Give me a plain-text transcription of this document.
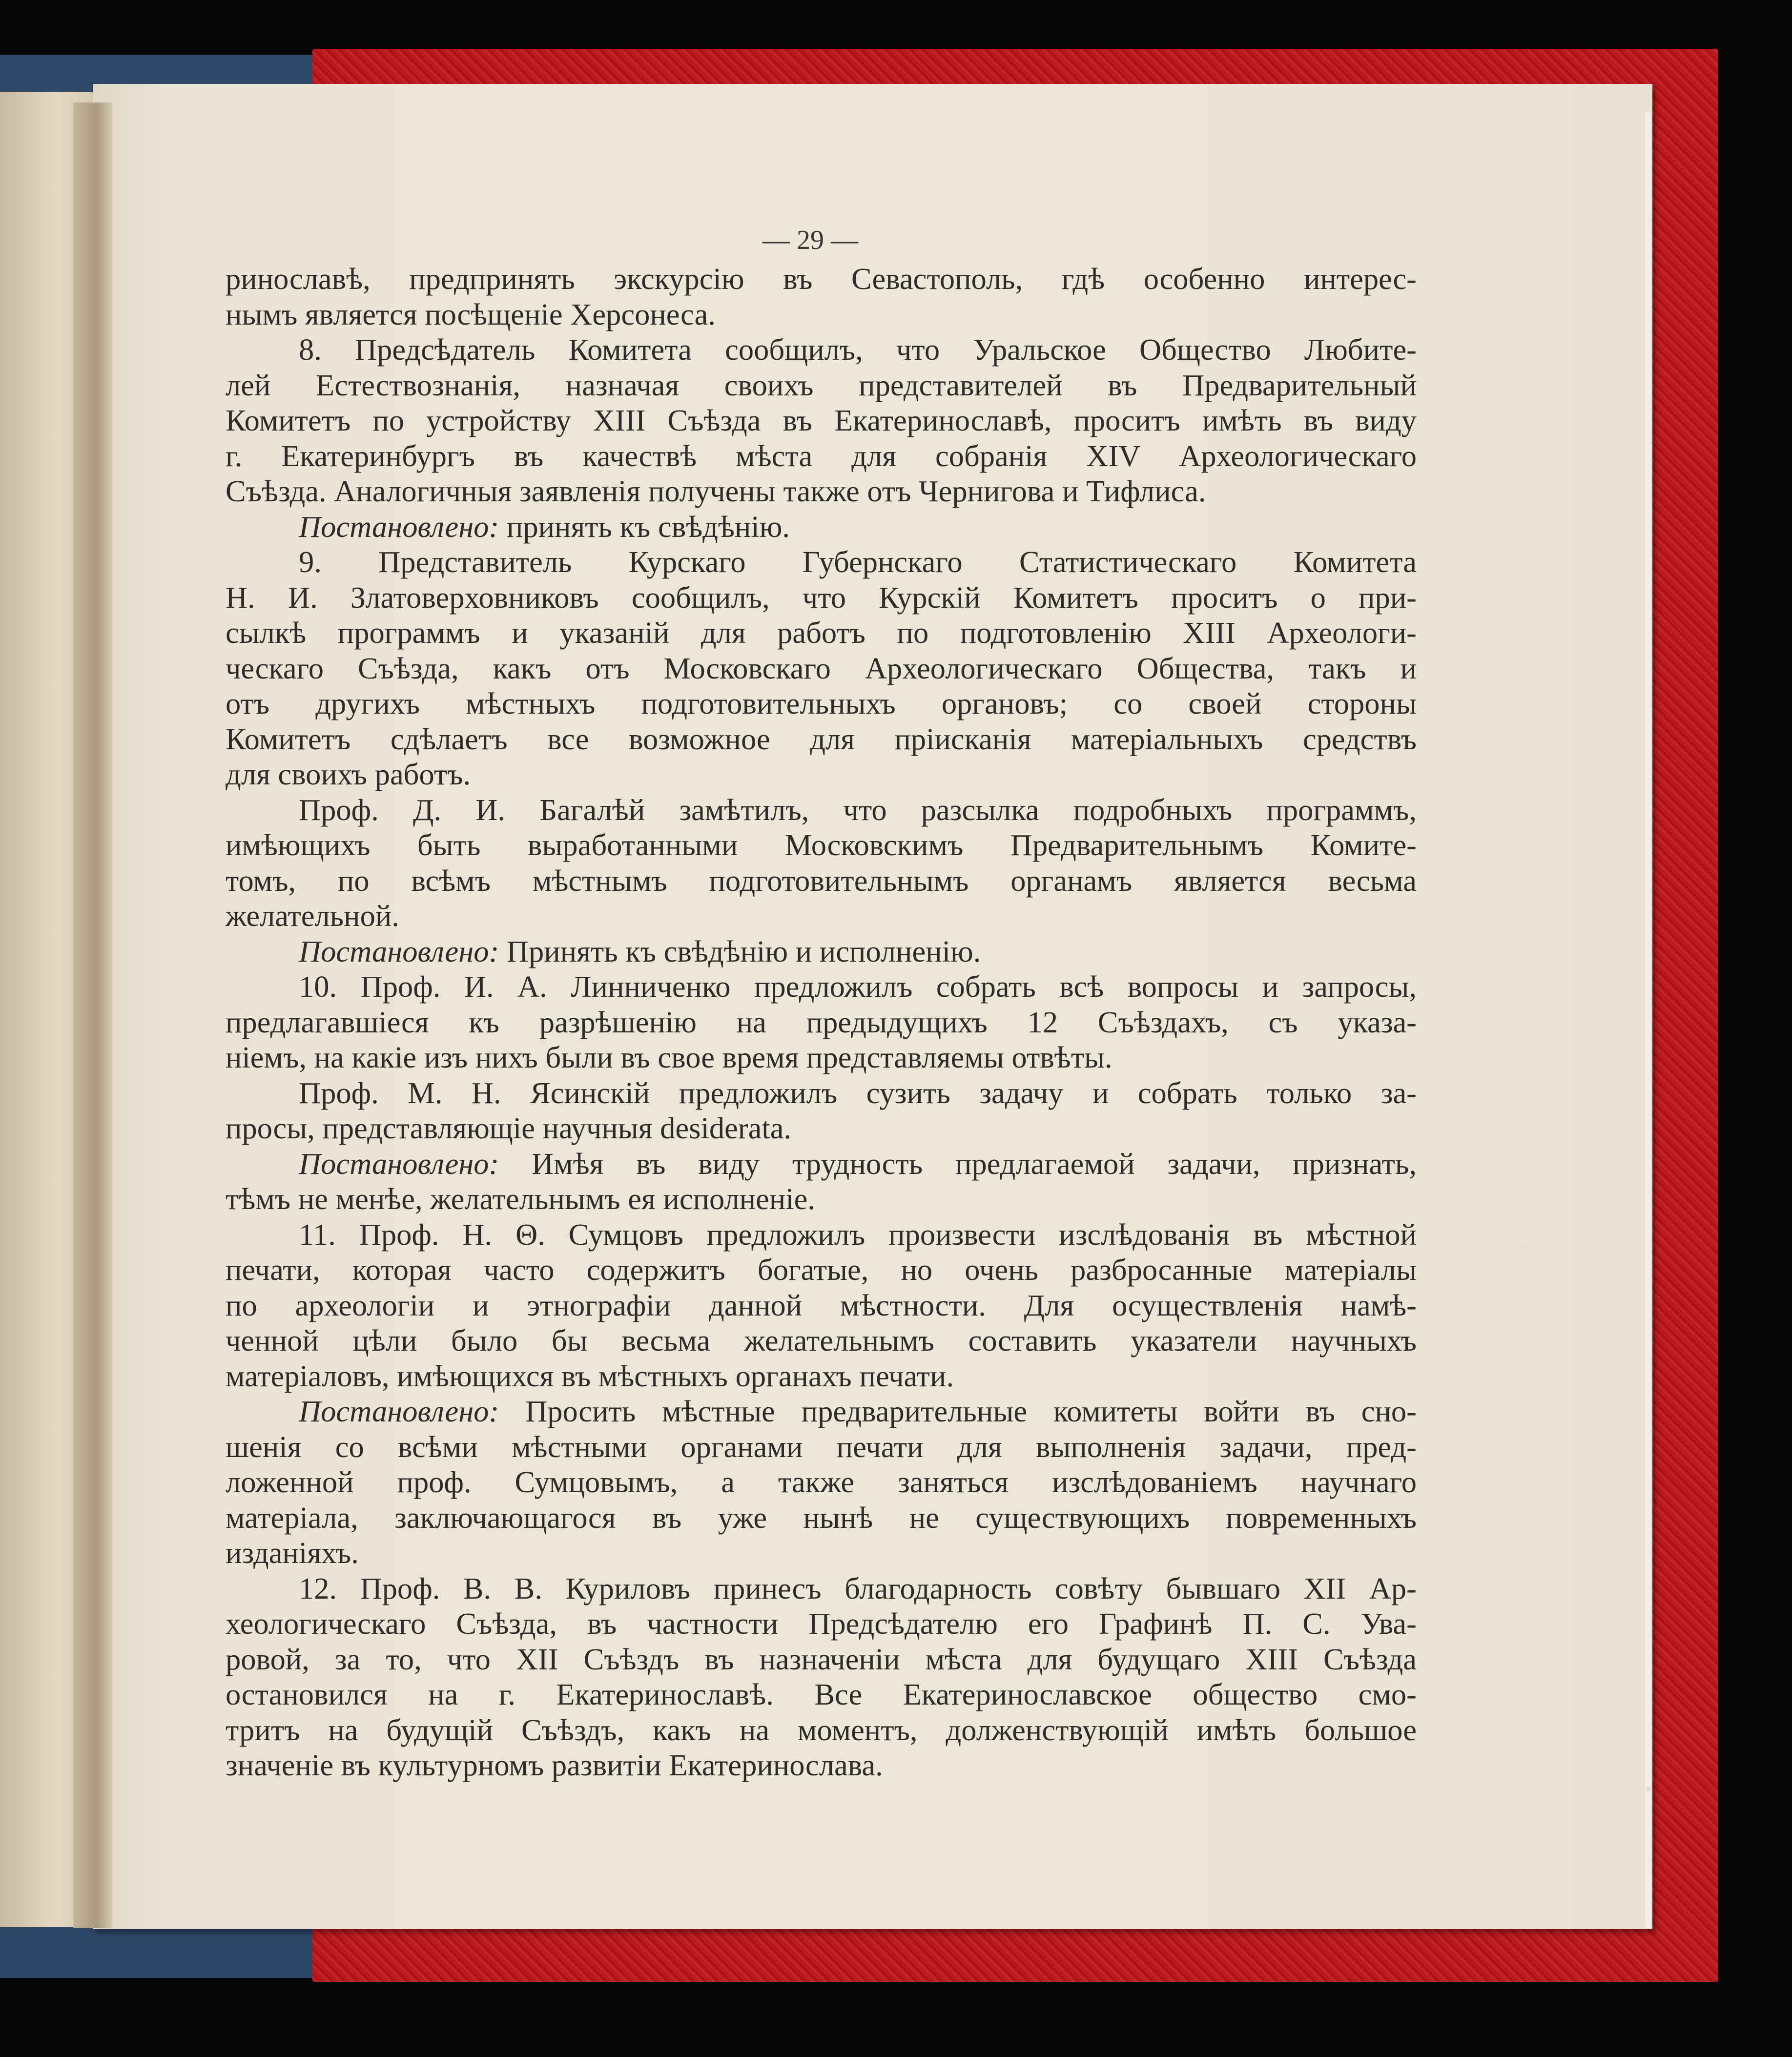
— 29 —
ринославѣ, предпринять экскурсію въ Севастополь, гдѣ особенно интерес-
нымъ является посѣщеніе Херсонеса.
8. Предсѣдатель Комитета сообщилъ, что Уральское Общество Любите-
лей Естествознанія, назначая своихъ представителей въ Предварительный
Комитетъ по устройству XIII Съѣзда въ Екатеринославѣ, проситъ имѣть въ виду
г. Екатеринбургъ въ качествѣ мѣста для собранія XIV Археологическаго
Съѣзда. Аналогичныя заявленія получены также отъ Чернигова и Тифлиса.
Постановлено: принять къ свѣдѣнію.
9. Представитель Курскаго Губернскаго Статистическаго Комитета
Н. И. Златоверховниковъ сообщилъ, что Курскій Комитетъ проситъ о при-
сылкѣ программъ и указаній для работъ по подготовленію XIII Археологи-
ческаго Съѣзда, какъ отъ Московскаго Археологическаго Общества, такъ и
отъ другихъ мѣстныхъ подготовительныхъ органовъ; со своей стороны
Комитетъ сдѣлаетъ все возможное для пріисканія матеріальныхъ средствъ
для своихъ работъ.
Проф. Д. И. Багалѣй замѣтилъ, что разсылка подробныхъ программъ,
имѣющихъ быть выработанными Московскимъ Предварительнымъ Комите-
томъ, по всѣмъ мѣстнымъ подготовительнымъ органамъ является весьма
желательной.
Постановлено: Принять къ свѣдѣнію и исполненію.
10. Проф. И. А. Линниченко предложилъ собрать всѣ вопросы и запросы,
предлагавшіеся къ разрѣшенію на предыдущихъ 12 Съѣздахъ, съ указа-
ніемъ, на какіе изъ нихъ были въ свое время представляемы отвѣты.
Проф. М. Н. Ясинскій предложилъ сузить задачу и собрать только за-
просы, представляющіе научныя desiderata.
Постановлено: Имѣя въ виду трудность предлагаемой задачи, признать,
тѣмъ не менѣе, желательнымъ ея исполненіе.
11. Проф. Н. Θ. Сумцовъ предложилъ произвести изслѣдованія въ мѣстной
печати, которая часто содержитъ богатые, но очень разбросанные матеріалы
по археологіи и этнографіи данной мѣстности. Для осуществленія намѣ-
ченной цѣли было бы весьма желательнымъ составить указатели научныхъ
матеріаловъ, имѣющихся въ мѣстныхъ органахъ печати.
Постановлено: Просить мѣстные предварительные комитеты войти въ сно-
шенія со всѣми мѣстными органами печати для выполненія задачи, пред-
ложенной проф. Сумцовымъ, а также заняться изслѣдованіемъ научнаго
матеріала, заключающагося въ уже нынѣ не существующихъ повременныхъ
изданіяхъ.
12. Проф. В. В. Куриловъ принесъ благодарность совѣту бывшаго XII Ар-
хеологическаго Съѣзда, въ частности Предсѣдателю его Графинѣ П. С. Ува-
ровой, за то, что XII Съѣздъ въ назначеніи мѣста для будущаго XIII Съѣзда
остановился на г. Екатеринославѣ. Все Екатеринославское общество смо-
тритъ на будущій Съѣздъ, какъ на моментъ, долженствующій имѣть большое
значеніе въ культурномъ развитіи Екатеринослава.
